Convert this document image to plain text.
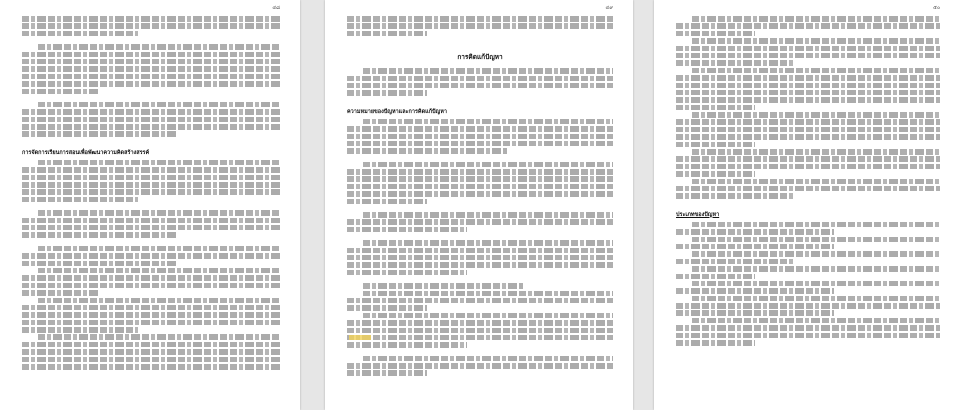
๔๘
การจัดการเรียนการสอนเพื่อพัฒนาความคิดสร้างสรรค์
๔๙
การคิดแก้ปัญหา
ความหมายของปัญหาและการคิดแก้ปัญหา
๕๐
ประเภทของปัญหา
